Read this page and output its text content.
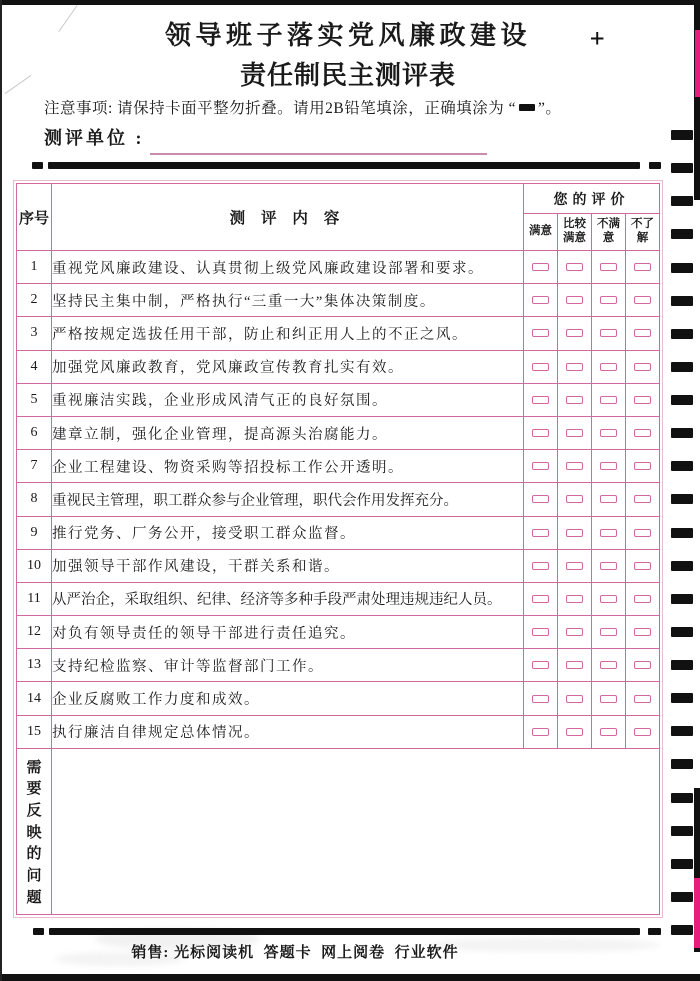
领导班子落实党风廉政建设
责任制民主测评表
+
注意事项: 请保持卡面平整勿折叠。请用2B铅笔填涂，正确填涂为 “ ”。
测评单位 :
序号	测 评 内 容	您的评价			
		满意	比较满意	不满意	不了解
1	重视党风廉政建设、认真贯彻上级党风廉政建设部署和要求。	

2	坚持民主集中制，严格执行“三重一大”集体决策制度。	

3	严格按规定选拔任用干部，防止和纠正用人上的不正之风。	

4	加强党风廉政教育，党风廉政宣传教育扎实有效。	

5	重视廉洁实践，企业形成风清气正的良好氛围。	

6	建章立制，强化企业管理，提高源头治腐能力。	

7	企业工程建设、物资采购等招投标工作公开透明。	

8	重视民主管理，职工群众参与企业管理，职代会作用发挥充分。	

9	推行党务、厂务公开，接受职工群众监督。	

10	加强领导干部作风建设，干群关系和谐。	

11	从严治企，采取组织、纪律、经济等多种手段严肃处理违规违纪人员。	

12	对负有领导责任的领导干部进行责任追究。	

13	支持纪检监察、审计等监督部门工作。	

14	企业反腐败工作力度和成效。	

15	执行廉洁自律规定总体情况。	

需
要
反
映
的
问
题

销售: 光标阅读机  答题卡  网上阅卷  行业软件
